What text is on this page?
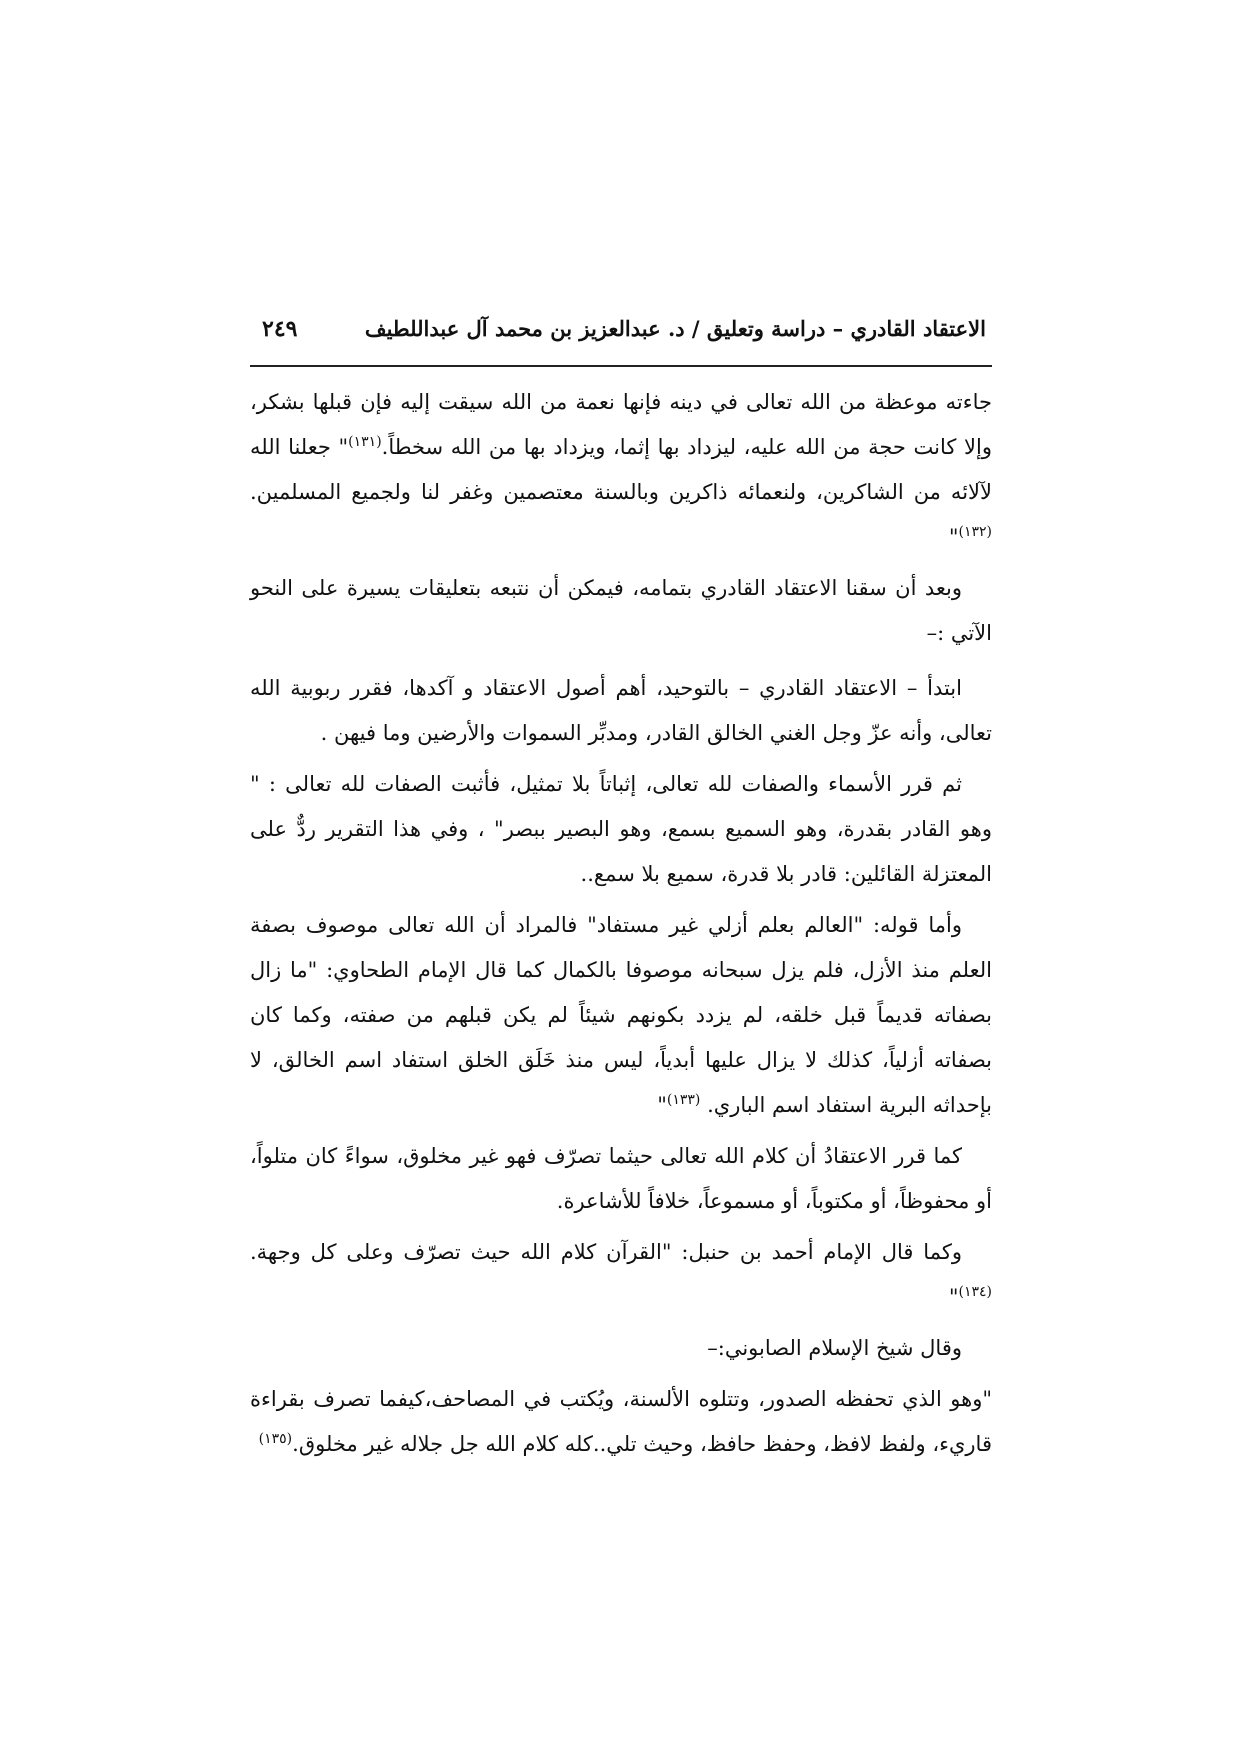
الاعتقاد القادري – دراسة وتعليق / د. عبدالعزيز بن محمد آل عبداللطيف
٢٤٩

جاءته موعظة من الله تعالى في دينه فإنها نعمة من الله سيقت إليه فإن قبلها بشكر، وإلا كانت حجة من الله عليه، ليزداد بها إثما، ويزداد بها من الله سخطاً.$^{(١٣١)}$" جعلنا الله لآلائه من الشاكرين، ولنعمائه ذاكرين وبالسنة معتصمين وغفر لنا ولجميع المسلمين. $^{(١٣٢)}$"

وبعد أن سقنا الاعتقاد القادري بتمامه، فيمكن أن نتبعه بتعليقات يسيرة على النحو الآتي :–

ابتدأ – الاعتقاد القادري – بالتوحيد، أهم أصول الاعتقاد و آكدها، فقرر ربوبية الله تعالى، وأنه عزّ وجل الغني الخالق القادر، ومدبِّر السموات والأرضين وما فيهن .

ثم قرر الأسماء والصفات لله تعالى، إثباتاً بلا تمثيل، فأثبت الصفات لله تعالى : " وهو القادر بقدرة، وهو السميع بسمع، وهو البصير ببصر" ، وفي هذا التقرير ردٌّ على المعتزلة القائلين: قادر بلا قدرة، سميع بلا سمع..

وأما قوله: "العالم بعلم أزلي غير مستفاد" فالمراد أن الله تعالى موصوف بصفة العلم منذ الأزل، فلم يزل سبحانه موصوفا بالكمال كما قال الإمام الطحاوي: "ما زال بصفاته قديماً قبل خلقه، لم يزدد بكونهم شيئاً لم يكن قبلهم من صفته، وكما كان بصفاته أزلياً، كذلك لا يزال عليها أبدياً، ليس منذ خَلَق الخلق استفاد اسم الخالق، لا بإحداثه البرية استفاد اسم الباري. $^{(١٣٣)}$"

كما قرر الاعتقادُ أن كلام الله تعالى حيثما تصرّف فهو غير مخلوق، سواءً كان متلواً، أو محفوظاً، أو مكتوباً، أو مسموعاً، خلافاً للأشاعرة.

وكما قال الإمام أحمد بن حنبل: "القرآن كلام الله حيث تصرّف وعلى كل وجهة.$^{(١٣٤)}$"

وقال شيخ الإسلام الصابوني:–

"وهو الذي تحفظه الصدور، وتتلوه الألسنة، ويُكتب في المصاحف،كيفما تصرف بقراءة قاريء، ولفظ لافظ، وحفظ حافظ، وحيث تلي..كله كلام الله جل جلاله غير مخلوق.$^{(١٣٥)}$
